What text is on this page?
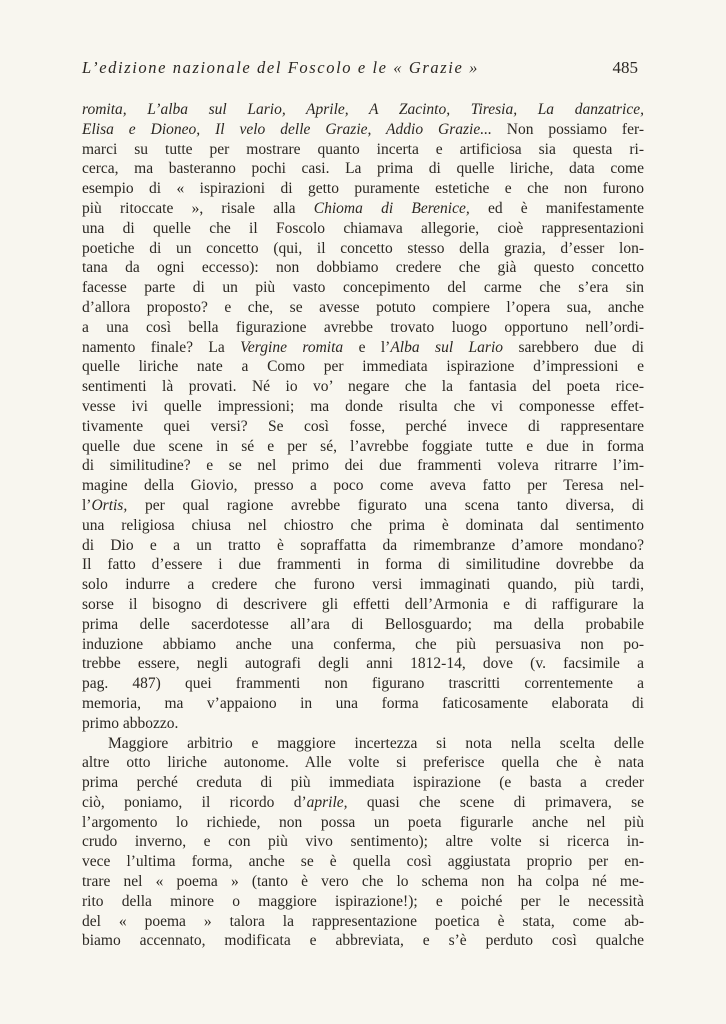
L’edizione nazionale del Foscolo e le « Grazie »	485
romita, L’alba sul Lario, Aprile, A Zacinto, Tiresia, La danzatrice,
Elisa e Dioneo, Il velo delle Grazie, Addio Grazie... Non possiamo fer-
marci su tutte per mostrare quanto incerta e artificiosa sia questa ri-
cerca, ma basteranno pochi casi. La prima di quelle liriche, data come
esempio di « ispirazioni di getto puramente estetiche e che non furono
più ritoccate », risale alla Chioma di Berenice, ed è manifestamente
una di quelle che il Foscolo chiamava allegorie, cioè rappresentazioni
poetiche di un concetto (qui, il concetto stesso della grazia, d’esser lon-
tana da ogni eccesso): non dobbiamo credere che già questo concetto
facesse parte di un più vasto concepimento del carme che s’era sin
d’allora proposto? e che, se avesse potuto compiere l’opera sua, anche
a una così bella figurazione avrebbe trovato luogo opportuno nell’ordi-
namento finale? La Vergine romita e l’Alba sul Lario sarebbero due di
quelle liriche nate a Como per immediata ispirazione d’impressioni e
sentimenti là provati. Né io vo’ negare che la fantasia del poeta rice-
vesse ivi quelle impressioni; ma donde risulta che vi componesse effet-
tivamente quei versi? Se così fosse, perché invece di rappresentare
quelle due scene in sé e per sé, l’avrebbe foggiate tutte e due in forma
di similitudine? e se nel primo dei due frammenti voleva ritrarre l’im-
magine della Giovio, presso a poco come aveva fatto per Teresa nel-
l’Ortis, per qual ragione avrebbe figurato una scena tanto diversa, di
una religiosa chiusa nel chiostro che prima è dominata dal sentimento
di Dio e a un tratto è sopraffatta da rimembranze d’amore mondano?
Il fatto d’essere i due frammenti in forma di similitudine dovrebbe da
solo indurre a credere che furono versi immaginati quando, più tardi,
sorse il bisogno di descrivere gli effetti dell’Armonia e di raffigurare la
prima delle sacerdotesse all’ara di Bellosguardo; ma della probabile
induzione abbiamo anche una conferma, che più persuasiva non po-
trebbe essere, negli autografi degli anni 1812-14, dove (v. facsimile a
pag. 487) quei frammenti non figurano trascritti correntemente a
memoria, ma v’appaiono in una forma faticosamente elaborata di
primo abbozzo.
Maggiore arbitrio e maggiore incertezza si nota nella scelta delle
altre otto liriche autonome. Alle volte si preferisce quella che è nata
prima perché creduta di più immediata ispirazione (e basta a creder
ciò, poniamo, il ricordo d’aprile, quasi che scene di primavera, se
l’argomento lo richiede, non possa un poeta figurarle anche nel più
crudo inverno, e con più vivo sentimento); altre volte si ricerca in-
vece l’ultima forma, anche se è quella così aggiustata proprio per en-
trare nel « poema » (tanto è vero che lo schema non ha colpa né me-
rito della minore o maggiore ispirazione!); e poiché per le necessità
del « poema » talora la rappresentazione poetica è stata, come ab-
biamo accennato, modificata e abbreviata, e s’è perduto così qualche
